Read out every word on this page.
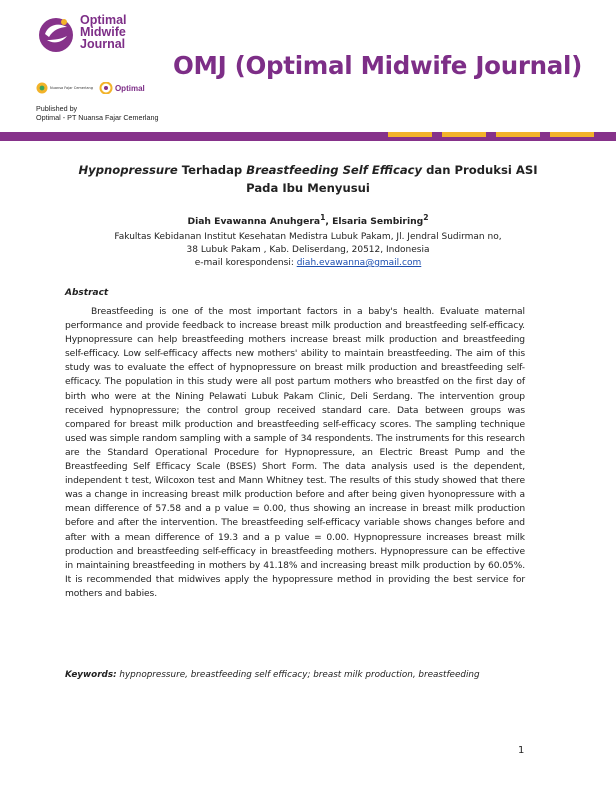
Optimal
Midwife
Journal
OMJ (Optimal Midwife Journal)
Nuansa Fajar Cemerlang	Optimal
Published by
Optimal - PT Nuansa Fajar Cemerlang
Hypnopressure Terhadap Breastfeeding Self Efficacy dan Produksi ASI
Pada Ibu Menyusui
Diah Evawanna Anuhgera$^1$, Elsaria Sembiring$^2$
Fakultas Kebidanan Institut Kesehatan Medistra Lubuk Pakam, Jl. Jendral Sudirman no,
38 Lubuk Pakam , Kab. Deliserdang, 20512, Indonesia
e-mail korespondensi: diah.evawanna@gmail.com
Abstract
Breastfeeding is one of the most important factors in a baby's health. Evaluate maternal performance and provide feedback to increase breast milk production and breastfeeding self-efficacy. Hypnopressure can help breastfeeding mothers increase breast milk production and breastfeeding self-efficacy. Low self-efficacy affects new mothers' ability to maintain breastfeeding. The aim of this study was to evaluate the effect of hypnopressure on breast milk production and breastfeeding self-efficacy. The population in this study were all post partum mothers who breastfed on the first day of birth who were at the Nining Pelawati Lubuk Pakam Clinic, Deli Serdang. The intervention group received hypnopressure; the control group received standard care. Data between groups was compared for breast milk production and breastfeeding self-efficacy scores. The sampling technique used was simple random sampling with a sample of 34 respondents. The instruments for this research are the Standard Operational Procedure for Hypnopressure, an Electric Breast Pump and the Breastfeeding Self Efficacy Scale (BSES) Short Form. The data analysis used is the dependent, independent t test, Wilcoxon test and Mann Whitney test. The results of this study showed that there was a change in increasing breast milk production before and after being given hyonopressure with a mean difference of 57.58 and a p value = 0.00, thus showing an increase in breast milk production before and after the intervention. The breastfeeding self-efficacy variable shows changes before and after with a mean difference of 19.3 and a p value = 0.00. Hypnopressure increases breast milk production and breastfeeding self-efficacy in breastfeeding mothers. Hypnopressure can be effective in maintaining breastfeeding in mothers by 41.18% and increasing breast milk production by 60.05%. It is recommended that midwives apply the hypopressure method in providing the best service for mothers and babies.
Keywords: hypnopressure, breastfeeding self efficacy; breast milk production, breastfeeding
1
